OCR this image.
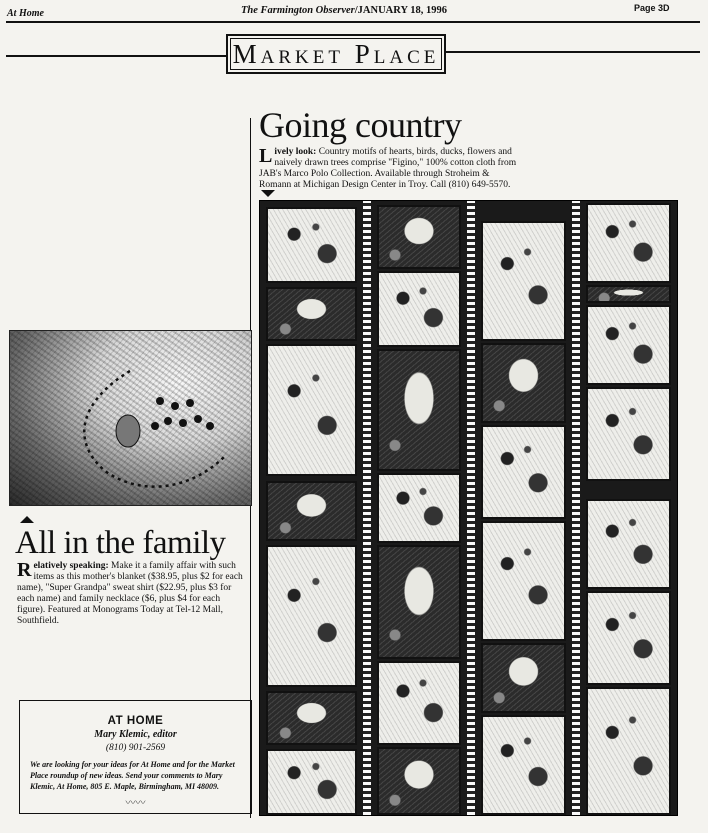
At Home	The Farmington Observer/JANUARY 18, 1996	Page 3D
Market Place
Going country
Lively look: Country motifs of hearts, birds, ducks, flowers and naively drawn trees comprise "Figino," 100% cotton cloth from JAB's Marco Polo Collection. Available through Stroheim & Romann at Michigan Design Center in Troy. Call (810) 649-5570.
All in the family
Relatively speaking: Make it a family affair with such items as this mother's blanket ($38.95, plus $2 for each name), "Super Grandpa" sweat shirt ($22.95, plus $3 for each name) and family necklace ($6, plus $4 for each figure). Featured at Monograms Today at Tel-12 Mall, Southfield.
AT HOME
Mary Klemic, editor
(810) 901-2569
We are looking for your ideas for At Home and for the Market Place roundup of new ideas. Send your comments to Mary Klemic, At Home, 805 E. Maple, Birmingham, MI 48009.
〰〰
